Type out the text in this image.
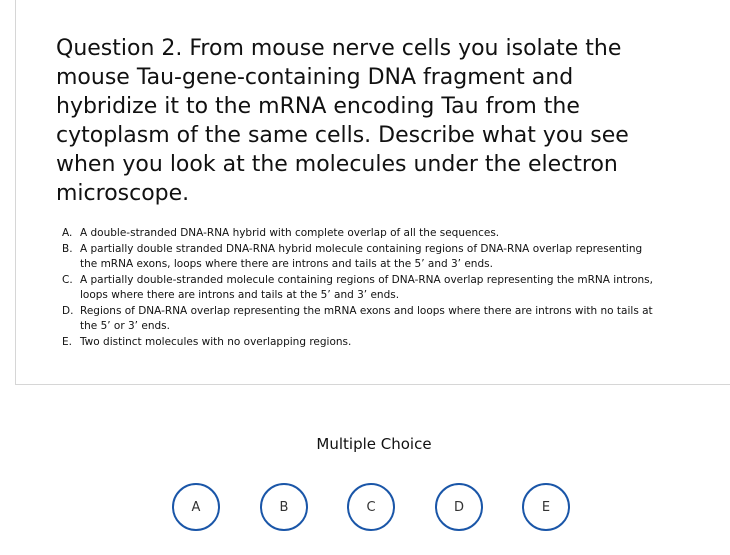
Question 2. From mouse nerve cells you isolate the mouse Tau-gene-containing DNA fragment and hybridize it to the mRNA encoding Tau from the cytoplasm of the same cells. Describe what you see when you look at the molecules under the electron microscope.

A. A double-stranded DNA-RNA hybrid with complete overlap of all the sequences.
B. A partially double stranded DNA-RNA hybrid molecule containing regions of DNA-RNA overlap representing the mRNA exons, loops where there are introns and tails at the 5’ and 3’ ends.
C. A partially double-stranded molecule containing regions of DNA-RNA overlap representing the mRNA introns, loops where there are introns and tails at the 5’ and 3’ ends.
D. Regions of DNA-RNA overlap representing the mRNA exons and loops where there are introns with no tails at the 5’ or 3’ ends.
E. Two distinct molecules with no overlapping regions.
Multiple Choice
A	B	C	D	E
